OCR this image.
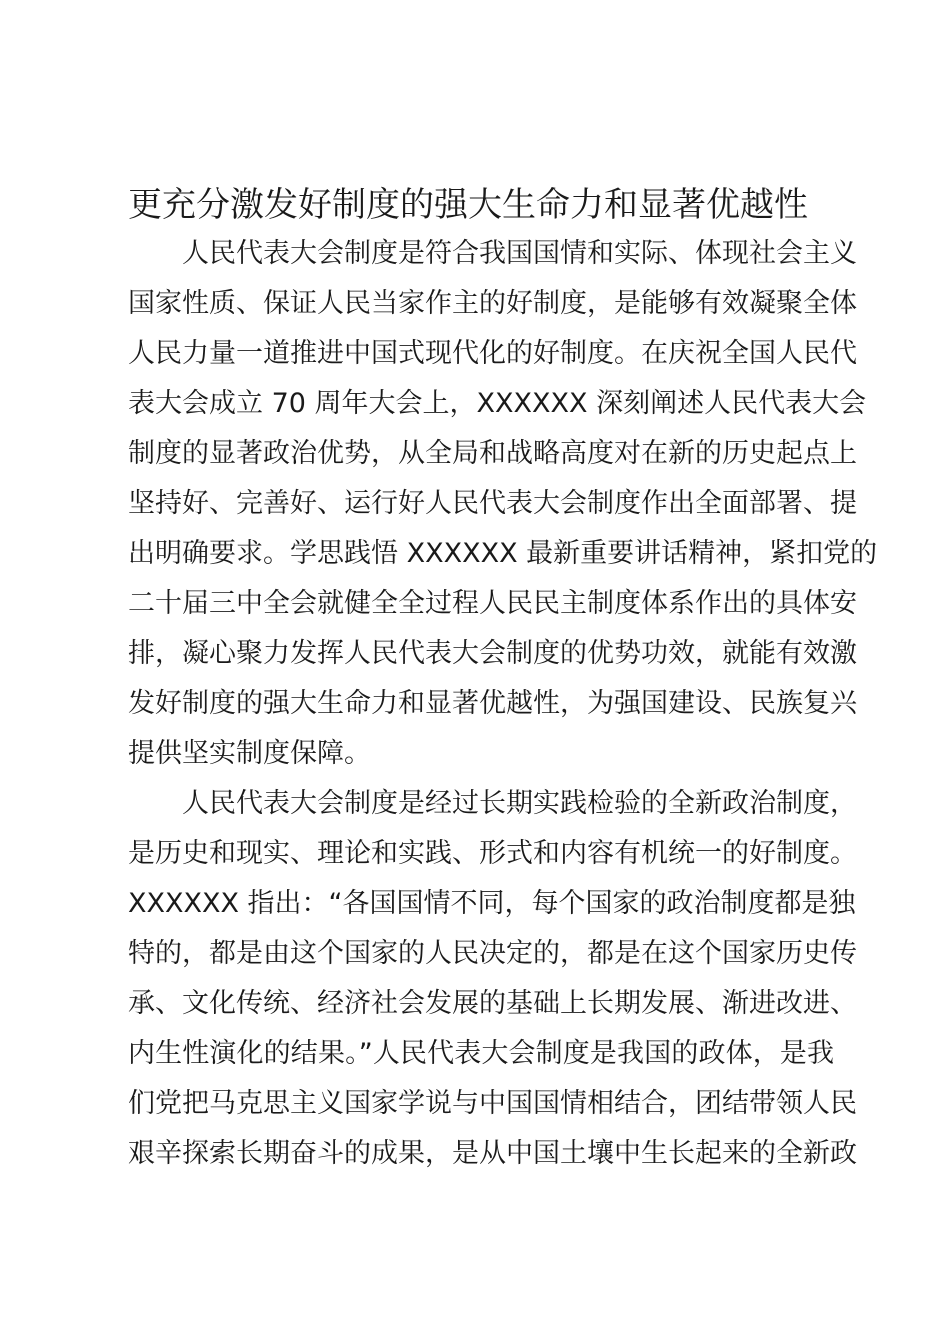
更充分激发好制度的强大生命力和显著优越性
人民代表大会制度是符合我国国情和实际、体现社会主义
国家性质、保证人民当家作主的好制度，是能够有效凝聚全体
人民力量一道推进中国式现代化的好制度。在庆祝全国人民代
表大会成立 70 周年大会上，XXXXXX 深刻阐述人民代表大会
制度的显著政治优势，从全局和战略高度对在新的历史起点上
坚持好、完善好、运行好人民代表大会制度作出全面部署、提
出明确要求。学思践悟 XXXXXX 最新重要讲话精神，紧扣党的
二十届三中全会就健全全过程人民民主制度体系作出的具体安
排，凝心聚力发挥人民代表大会制度的优势功效，就能有效激
发好制度的强大生命力和显著优越性，为强国建设、民族复兴
提供坚实制度保障。
人民代表大会制度是经过长期实践检验的全新政治制度，
是历史和现实、理论和实践、形式和内容有机统一的好制度。
XXXXXX 指出：“各国国情不同，每个国家的政治制度都是独
特的，都是由这个国家的人民决定的，都是在这个国家历史传
承、文化传统、经济社会发展的基础上长期发展、渐进改进、
内生性演化的结果。”人民代表大会制度是我国的政体，是我
们党把马克思主义国家学说与中国国情相结合，团结带领人民
艰辛探索长期奋斗的成果，是从中国土壤中生长起来的全新政
